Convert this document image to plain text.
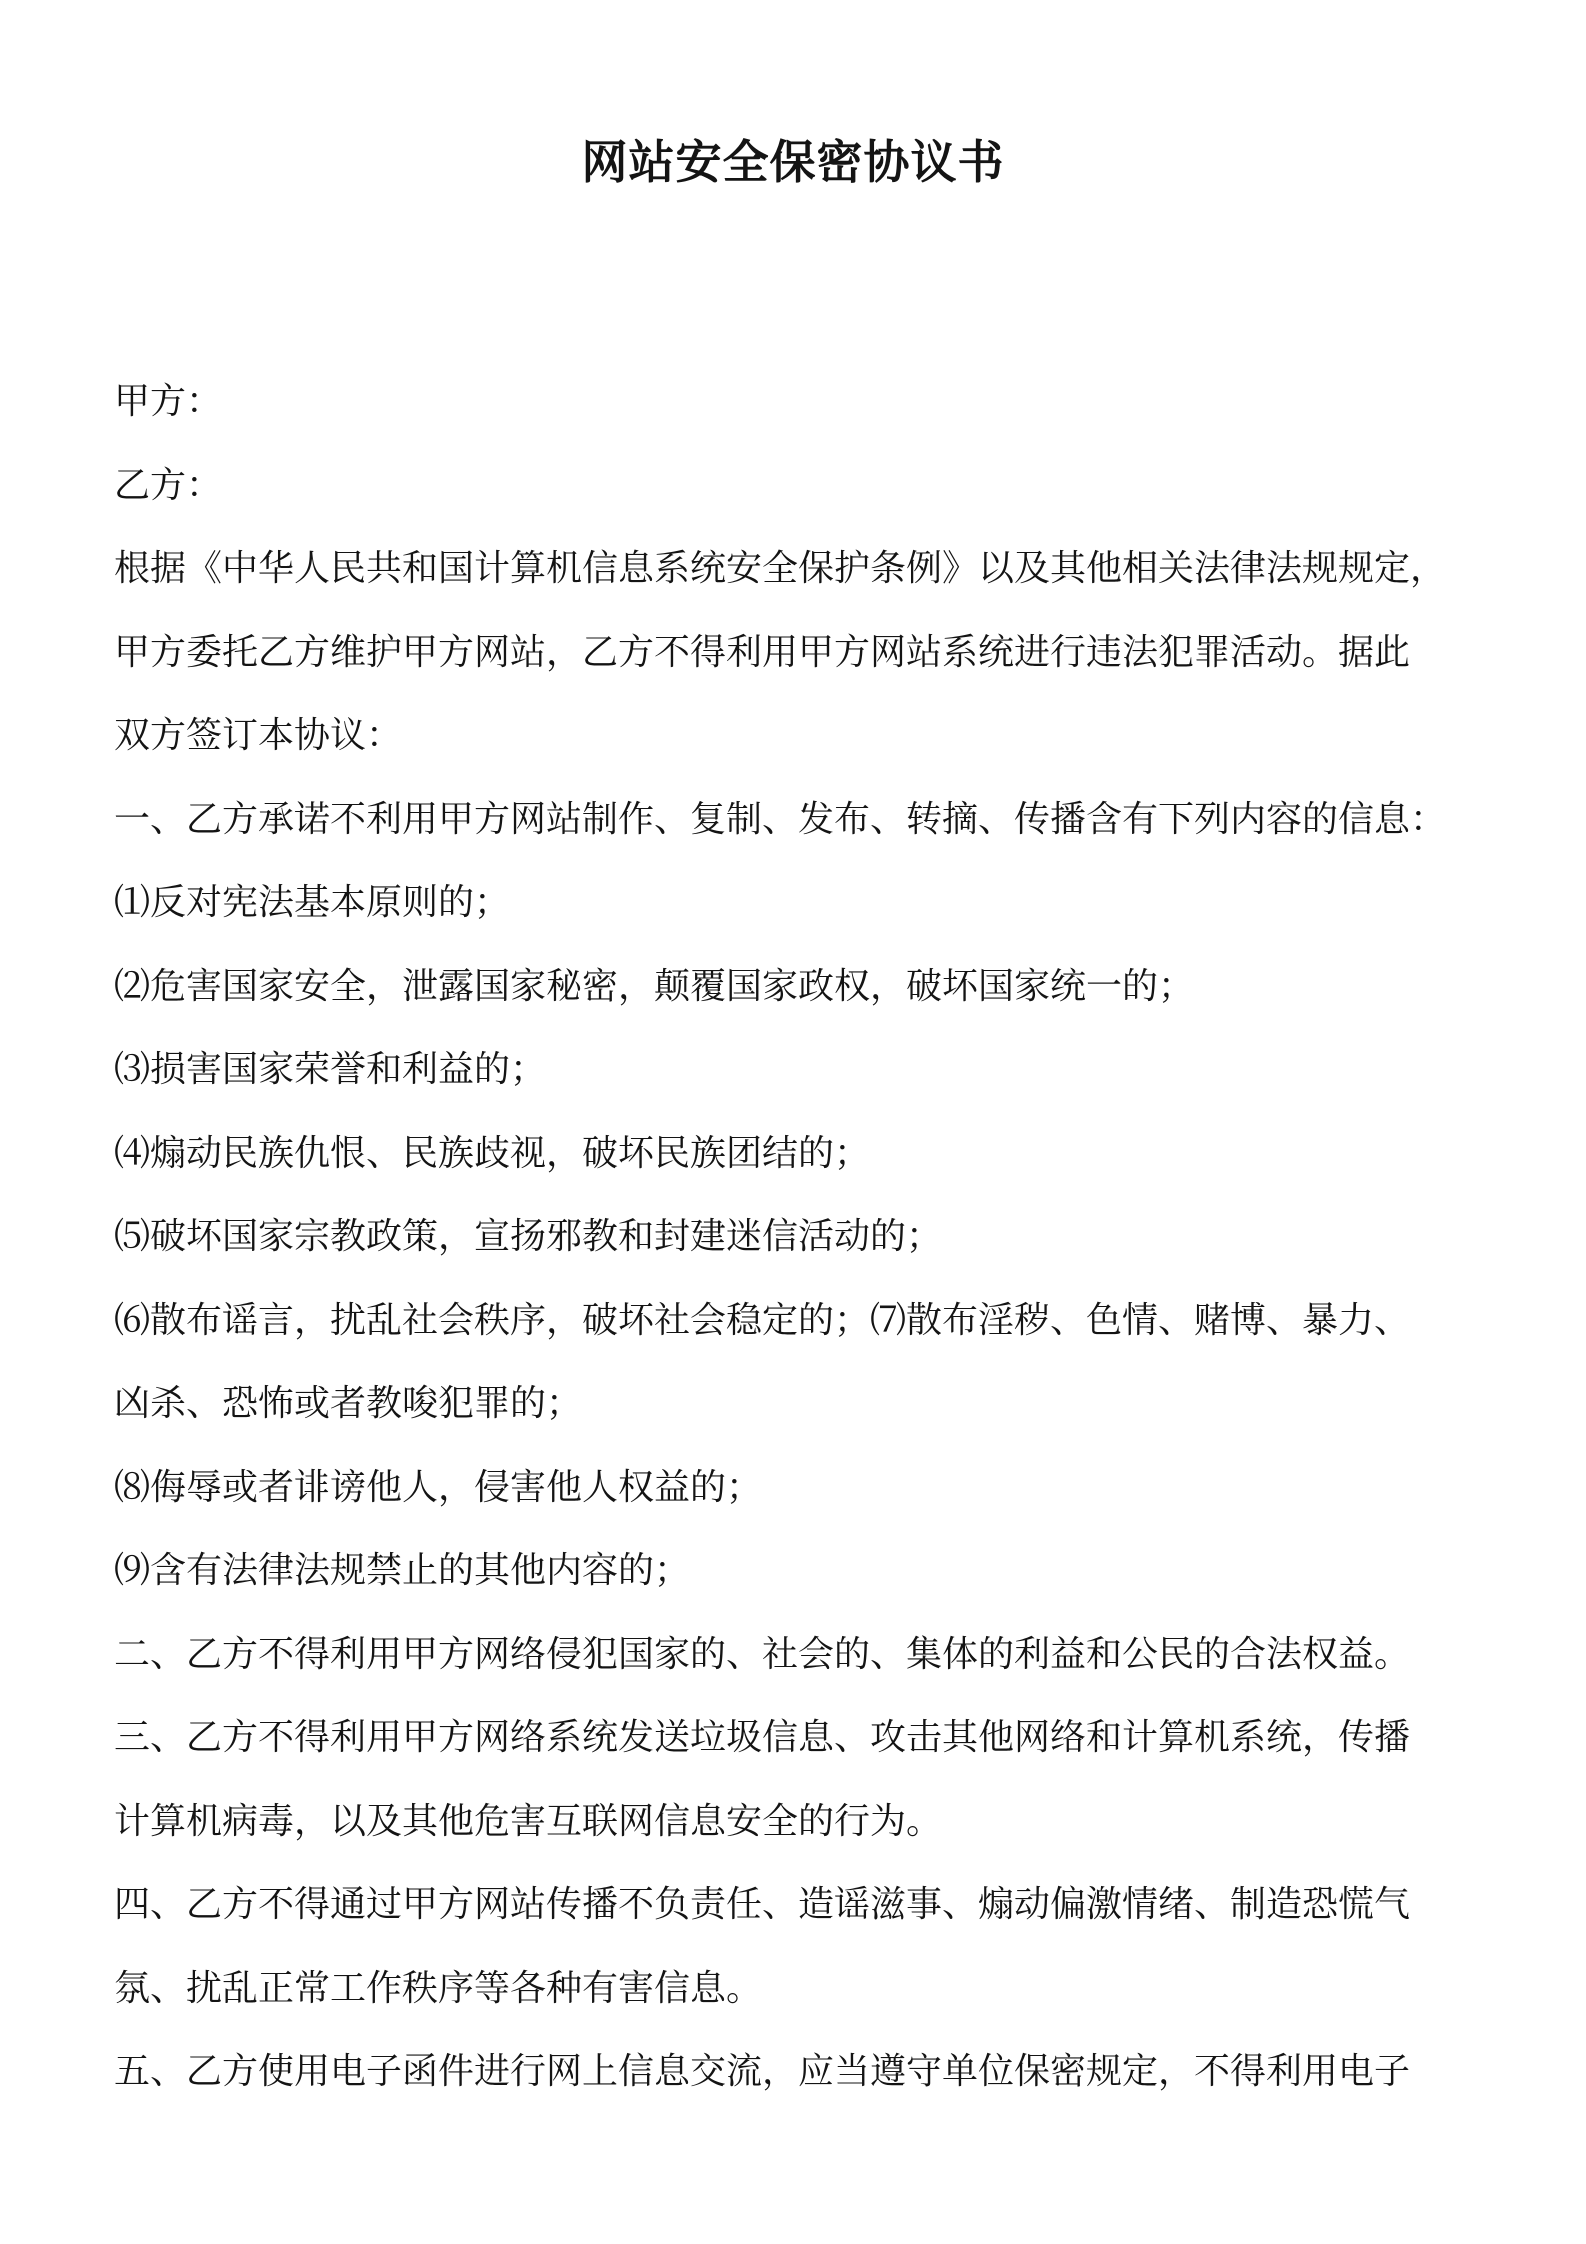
网站安全保密协议书
甲方：
乙方：
根据《中华人民共和国计算机信息系统安全保护条例》以及其他相关法律法规规定，
甲方委托乙方维护甲方网站，乙方不得利用甲方网站系统进行违法犯罪活动。据此
双方签订本协议：
一、乙方承诺不利用甲方网站制作、复制、发布、转摘、传播含有下列内容的信息：
⑴反对宪法基本原则的；
⑵危害国家安全，泄露国家秘密，颠覆国家政权，破坏国家统一的；
⑶损害国家荣誉和利益的；
⑷煽动民族仇恨、民族歧视，破坏民族团结的；
⑸破坏国家宗教政策，宣扬邪教和封建迷信活动的；
⑹散布谣言，扰乱社会秩序，破坏社会稳定的；⑺散布淫秽、色情、赌博、暴力、
凶杀、恐怖或者教唆犯罪的；
⑻侮辱或者诽谤他人，侵害他人权益的；
⑼含有法律法规禁止的其他内容的；
二、乙方不得利用甲方网络侵犯国家的、社会的、集体的利益和公民的合法权益。
三、乙方不得利用甲方网络系统发送垃圾信息、攻击其他网络和计算机系统，传播
计算机病毒，以及其他危害互联网信息安全的行为。
四、乙方不得通过甲方网站传播不负责任、造谣滋事、煽动偏激情绪、制造恐慌气
氛、扰乱正常工作秩序等各种有害信息。
五、乙方使用电子函件进行网上信息交流，应当遵守单位保密规定，不得利用电子
